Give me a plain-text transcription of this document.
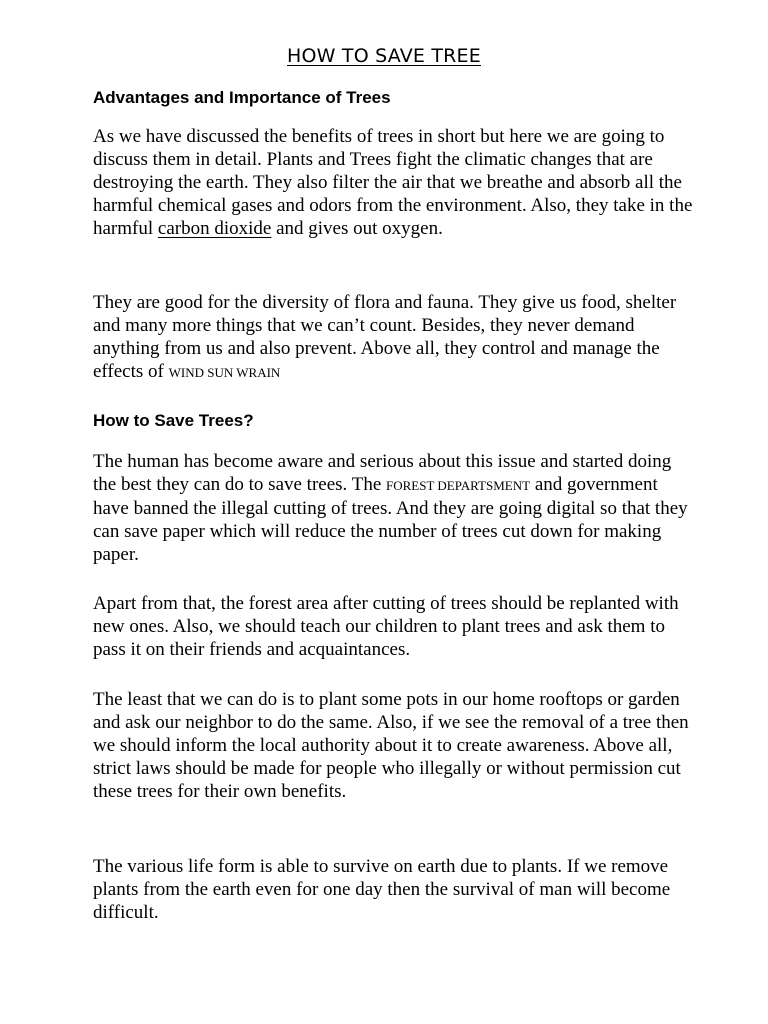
HOW TO SAVE TREE
Advantages and Importance of Trees

As we have discussed the benefits of trees in short but here we are going to discuss them in detail. Plants and Trees fight the climatic changes that are destroying the earth. They also filter the air that we breathe and absorb all the harmful chemical gases and odors from the environment. Also, they take in the harmful carbon dioxide and gives out oxygen.

They are good for the diversity of flora and fauna. They give us food, shelter and many more things that we can’t count. Besides, they never demand anything from us and also prevent. Above all, they control and manage the effects of WIND SUN WRAIN

How to Save Trees?

The human has become aware and serious about this issue and started doing the best they can do to save trees. The FOREST DEPARTSMENT and government have banned the illegal cutting of trees. And they are going digital so that they can save paper which will reduce the number of trees cut down for making paper.

Apart from that, the forest area after cutting of trees should be replanted with new ones. Also, we should teach our children to plant trees and ask them to pass it on their friends and acquaintances.

The least that we can do is to plant some pots in our home rooftops or garden and ask our neighbor to do the same. Also, if we see the removal of a tree then we should inform the local authority about it to create awareness. Above all, strict laws should be made for people who illegally or without permission cut these trees for their own benefits.

The various life form is able to survive on earth due to plants. If we remove plants from the earth even for one day then the survival of man will become difficult.
